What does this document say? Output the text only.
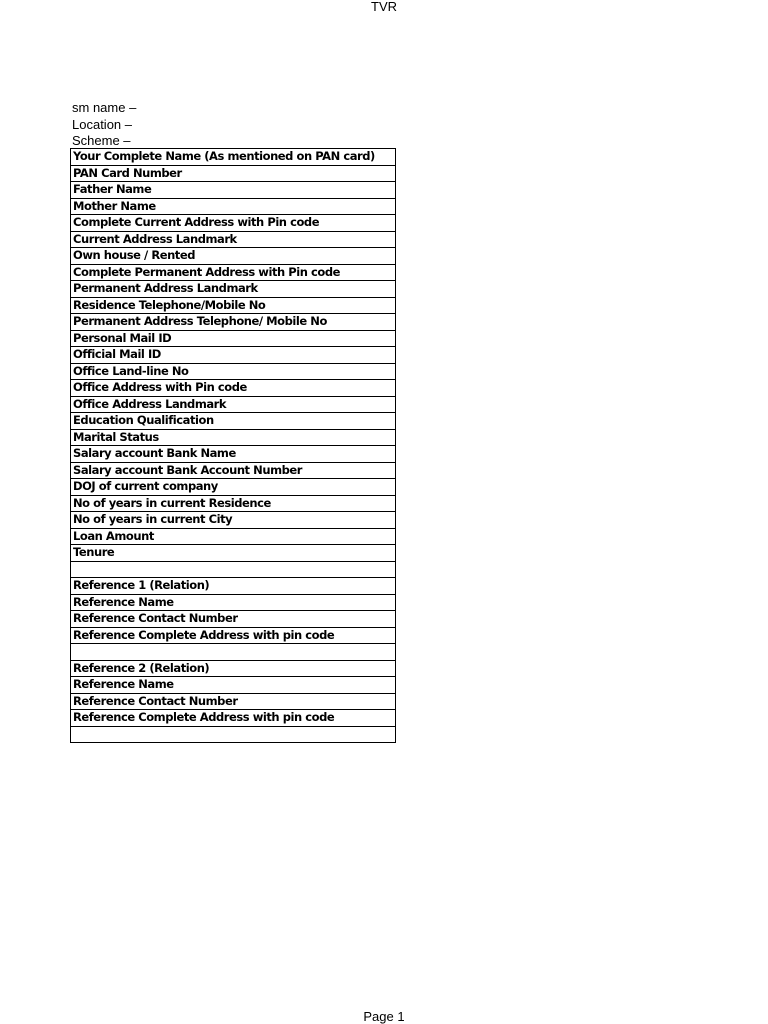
TVR
sm name –
Location –
Scheme –
Your Complete Name (As mentioned on PAN card)
PAN Card Number
Father Name
Mother Name
Complete Current Address with Pin code
Current Address Landmark
Own house / Rented
Complete Permanent Address with Pin code
Permanent Address Landmark
Residence Telephone/Mobile No
Permanent Address Telephone/ Mobile No
Personal Mail ID
Official Mail ID
Office Land-line No
Office Address with Pin code
Office Address Landmark
Education Qualification
Marital Status
Salary account Bank Name
Salary account Bank Account Number
DOJ of current company
No of years in current Residence
No of years in current City
Loan Amount
Tenure

Reference 1 (Relation)
Reference Name
Reference Contact Number
Reference Complete Address with pin code

Reference 2 (Relation)
Reference Name
Reference Contact Number
Reference Complete Address with pin code

Page 1
